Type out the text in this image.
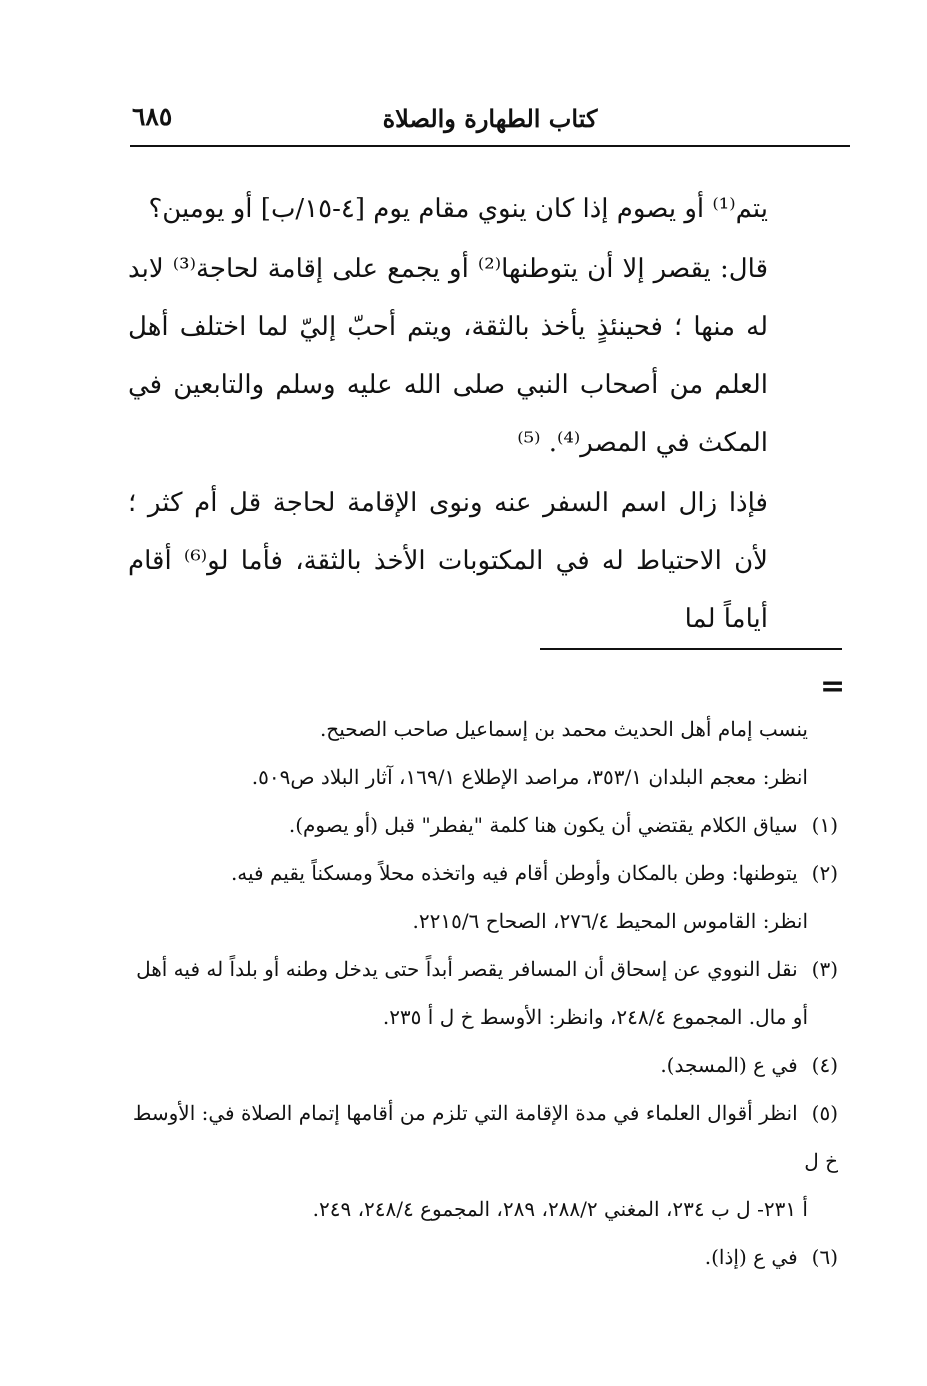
٦٨٥	كتاب الطهارة والصلاة

يتم⁽¹⁾ أو يصوم إذا كان ينوي مقام يوم [٤-١٥/ب] أو يومين؟

قال: يقصر إلا أن يتوطنها⁽²⁾ أو يجمع على إقامة لحاجة⁽³⁾ لابد له منها ؛ فحينئذٍ يأخذ بالثقة، ويتم أحبّ إليّ لما اختلف أهل العلم من أصحاب النبي صلى الله عليه وسلم والتابعين في المكث في المصر⁽⁴⁾. ⁽⁵⁾

فإذا زال اسم السفر عنه ونوى الإقامة لحاجة قل أم كثر ؛ لأن الاحتياط له في المكتوبات الأخذ بالثقة، فأما لو⁽⁶⁾ أقام أياماً لما

=

ينسب إمام أهل الحديث محمد بن إسماعيل صاحب الصحيح.

انظر: معجم البلدان ٣٥٣/١، مراصد الإطلاع ١٦٩/١، آثار البلاد ص٥٠٩.

(١) سياق الكلام يقتضي أن يكون هنا كلمة "يفطر" قبل (أو يصوم).

(٢) يتوطنها: وطن بالمكان وأوطن أقام فيه واتخذه محلاً ومسكناً يقيم فيه.
انظر: القاموس المحيط ٢٧٦/٤، الصحاح ٢٢١٥/٦.

(٣) نقل النووي عن إسحاق أن المسافر يقصر أبداً حتى يدخل وطنه أو بلداً له فيه أهل
أو مال. المجموع ٢٤٨/٤، وانظر: الأوسط خ ل أ ٢٣٥.

(٤) في ع (المسجد).

(٥) انظر أقوال العلماء في مدة الإقامة التي تلزم من أقامها إتمام الصلاة في: الأوسط خ ل
أ ٢٣١- ل ب ٢٣٤، المغني ٢٨٨/٢، ٢٨٩، المجموع ٢٤٨/٤، ٢٤٩.

(٦) في ع (إذا).
